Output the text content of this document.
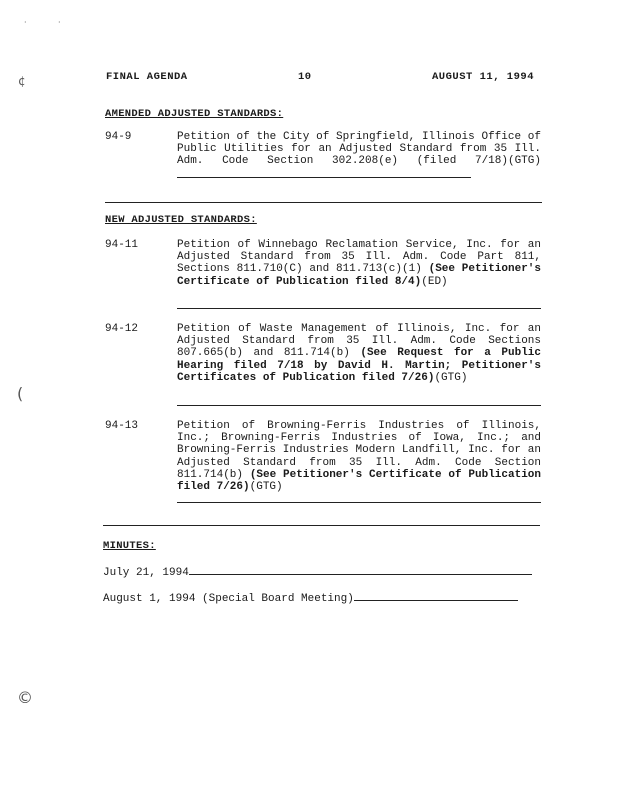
·	·
¢
(
©
FINAL AGENDA	10	AUGUST 11, 1994
AMENDED ADJUSTED STANDARDS:
94-9	Petition of the City of Springfield, Illinois Office of Public Utilities for an Adjusted Standard from 35 Ill. Adm. Code Section 302.208(e) (filed 7/18)(GTG)
NEW ADJUSTED STANDARDS:
94-11	Petition of Winnebago Reclamation Service, Inc. for an Adjusted Standard from 35 Ill. Adm. Code Part 811, Sections 811.710(C) and 811.713(c)(1) (See Petitioner's Certificate of Publication filed 8/4)(ED)
94-12	Petition of Waste Management of Illinois, Inc. for an Adjusted Standard from 35 Ill. Adm. Code Sections 807.665(b) and 811.714(b) (See Request for a Public Hearing filed 7/18 by David H. Martin; Petitioner's Certificates of Publication filed 7/26)(GTG)
94-13	Petition of Browning-Ferris Industries of Illinois, Inc.; Browning-Ferris Industries of Iowa, Inc.; and Browning-Ferris Industries Modern Landfill, Inc. for an Adjusted Standard from 35 Ill. Adm. Code Section 811.714(b) (See Petitioner's Certificate of Publication filed 7/26)(GTG)
MINUTES:
July 21, 1994
August 1, 1994 (Special Board Meeting)
